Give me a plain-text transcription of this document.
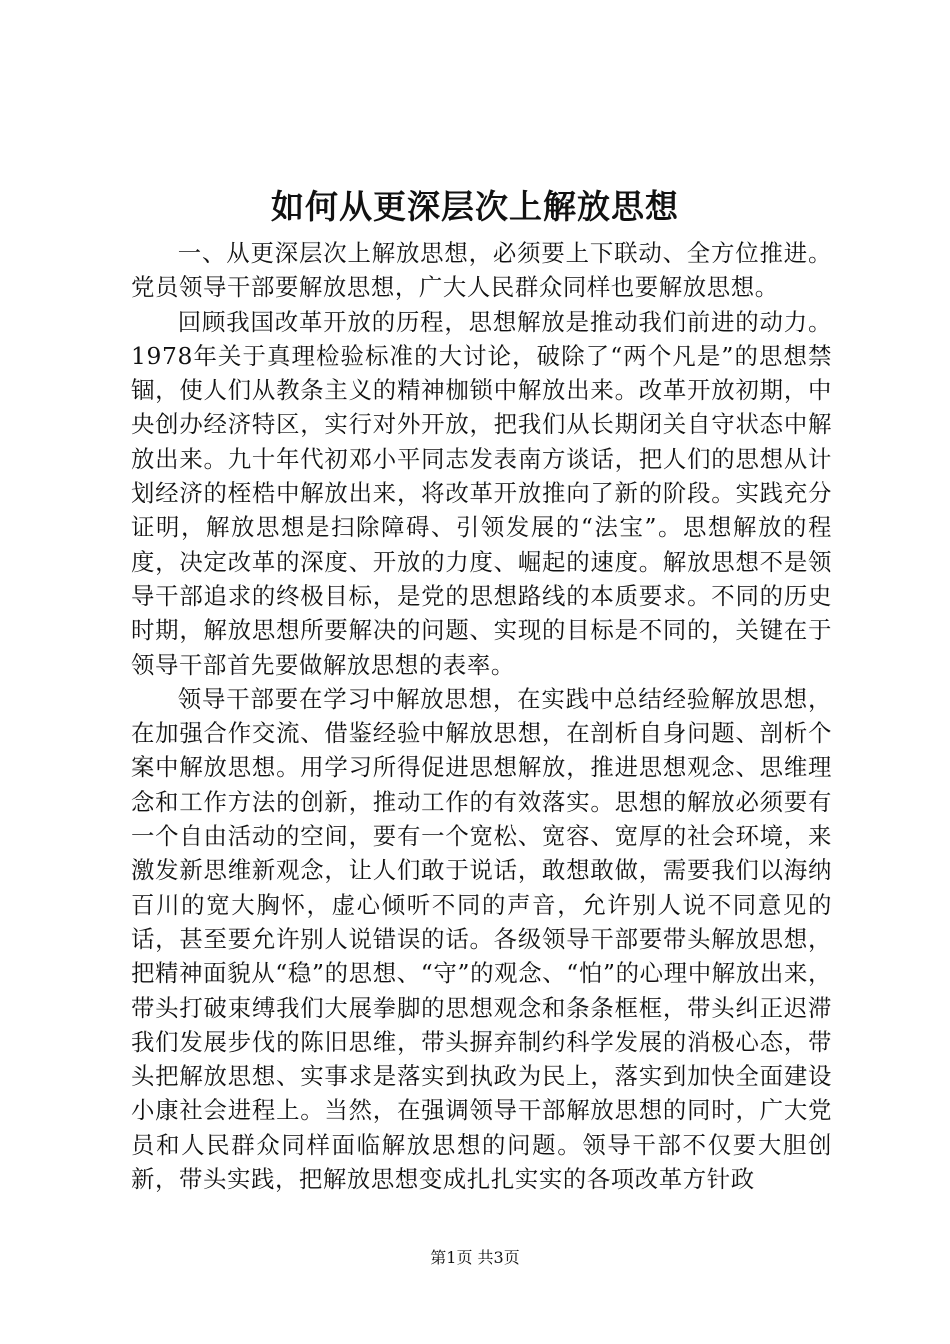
如何从更深层次上解放思想

一、从更深层次上解放思想，必须要上下联动、全方位推进。党员领导干部要解放思想，广大人民群众同样也要解放思想。

回顾我国改革开放的历程，思想解放是推动我们前进的动力。1978年关于真理检验标准的大讨论，破除了“两个凡是”的思想禁锢，使人们从教条主义的精神枷锁中解放出来。改革开放初期，中央创办经济特区，实行对外开放，把我们从长期闭关自守状态中解放出来。九十年代初邓小平同志发表南方谈话，把人们的思想从计划经济的桎梏中解放出来，将改革开放推向了新的阶段。实践充分证明，解放思想是扫除障碍、引领发展的“法宝”。思想解放的程度，决定改革的深度、开放的力度、崛起的速度。解放思想不是领导干部追求的终极目标，是党的思想路线的本质要求。不同的历史时期，解放思想所要解决的问题、实现的目标是不同的，关键在于领导干部首先要做解放思想的表率。

领导干部要在学习中解放思想，在实践中总结经验解放思想，在加强合作交流、借鉴经验中解放思想，在剖析自身问题、剖析个案中解放思想。用学习所得促进思想解放，推进思想观念、思维理念和工作方法的创新，推动工作的有效落实。思想的解放必须要有一个自由活动的空间，要有一个宽松、宽容、宽厚的社会环境，来激发新思维新观念，让人们敢于说话，敢想敢做，需要我们以海纳百川的宽大胸怀，虚心倾听不同的声音，允许别人说不同意见的话，甚至要允许别人说错误的话。各级领导干部要带头解放思想，把精神面貌从“稳”的思想、“守”的观念、“怕”的心理中解放出来，带头打破束缚我们大展拳脚的思想观念和条条框框，带头纠正迟滞我们发展步伐的陈旧思维，带头摒弃制约科学发展的消极心态，带头把解放思想、实事求是落实到执政为民上，落实到加快全面建设小康社会进程上。当然，在强调领导干部解放思想的同时，广大党员和人民群众同样面临解放思想的问题。领导干部不仅要大胆创新，带头实践，把解放思想变成扎扎实实的各项改革方针政

第1页 共3页
